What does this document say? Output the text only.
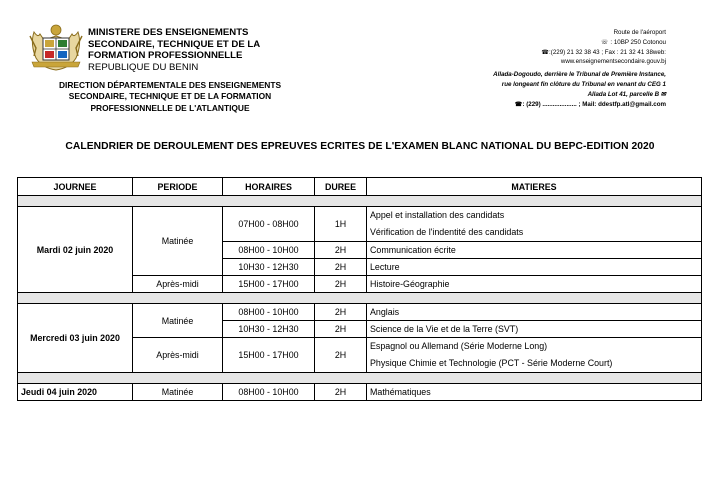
MINISTERE DES ENSEIGNEMENTS
SECONDAIRE, TECHNIQUE ET DE LA
FORMATION PROFESSIONNELLE
REPUBLIQUE DU BENIN
DIRECTION DÉPARTEMENTALE DES ENSEIGNEMENTS
SECONDAIRE, TECHNIQUE ET DE LA FORMATION
PROFESSIONNELLE DE L'ATLANTIQUE
Route de l'aéroport
☏ : 10BP 250 Cotonou
☎:(229) 21 32 38 43 ; Fax : 21 32 41 38web:
www.enseignementsecondaire.gouv.bj
Allada-Dogoudo, derrière le Tribunal de Première Instance,
rue longeant fin clôture du Tribunal en venant du CEG 1
Allada Lot 41, parcelle B ✉
☎: (229) .................... ; Mail: ddestfp.atl@gmail.com
CALENDRIER DE DEROULEMENT DES EPREUVES ECRITES DE L'EXAMEN BLANC NATIONAL DU BEPC-EDITION 2020
JOURNEE	PERIODE	HORAIRES	DUREE	MATIERES

Mardi 02 juin 2020	Matinée	07H00 - 08H00	1H	Appel et installation des candidats
Vérification de l'indentité des candidats

		08H00 - 10H00	2H	Communication écrite
		10H30 - 12H30	2H	Lecture
	Après-midi	15H00 - 17H00	2H	Histoire-Géographie

Mercredi 03 juin 2020	Matinée	08H00 - 10H00	2H	Anglais
		10H30 - 12H30	2H	Science de la Vie et de la Terre (SVT)
	Après-midi	15H00 - 17H00	2H	Espagnol ou Allemand (Série Moderne Long)
Physique Chimie et Technologie (PCT - Série Moderne Court)

Jeudi 04 juin 2020	Matinée	08H00 - 10H00	2H	Mathématiques
